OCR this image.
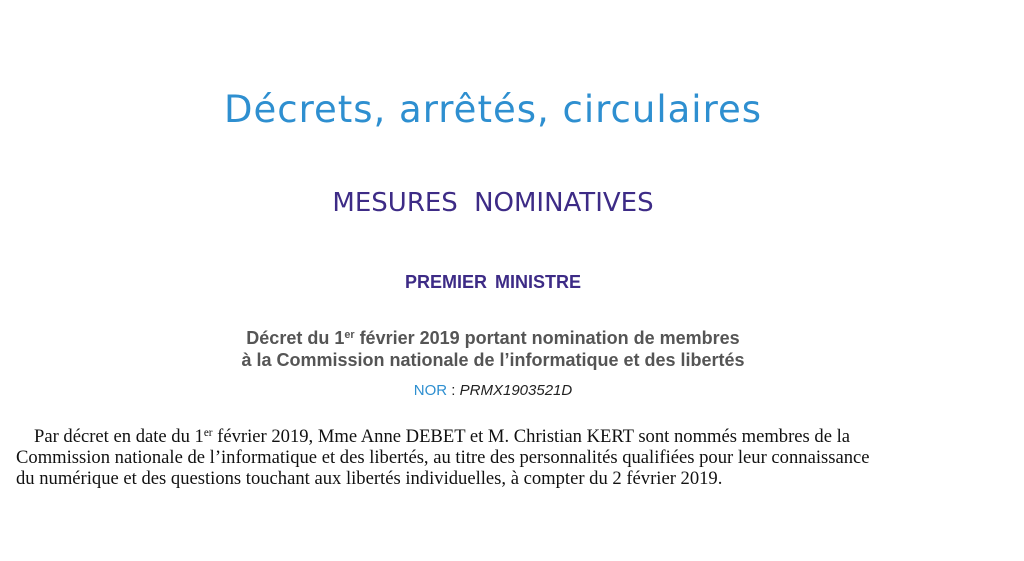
Décrets, arrêtés, circulaires
MESURES NOMINATIVES
PREMIER MINISTRE
Décret du 1er février 2019 portant nomination de membres
à la Commission nationale de l’informatique et des libertés
NOR : PRMX1903521D
Par décret en date du 1er février 2019, Mme Anne DEBET et M. Christian KERT sont nommés membres de la
Commission nationale de l’informatique et des libertés, au titre des personnalités qualifiées pour leur connaissance
du numérique et des questions touchant aux libertés individuelles, à compter du 2 février 2019.
